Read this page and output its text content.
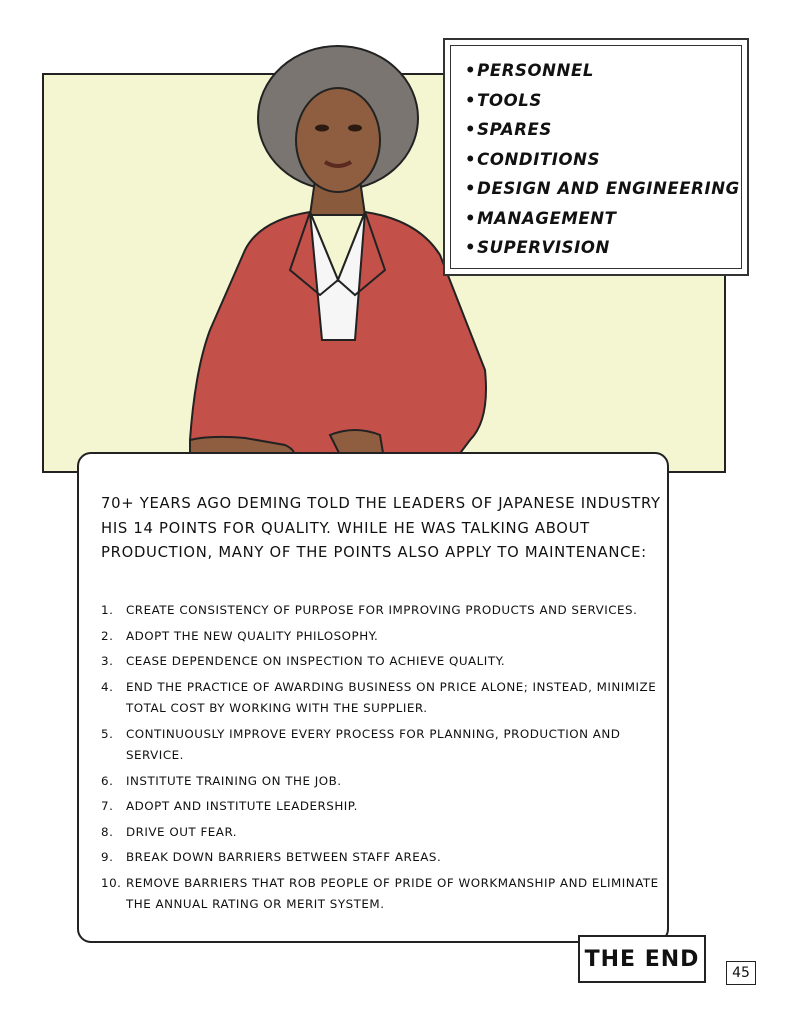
• PERSONNEL
• TOOLS
• SPARES
• CONDITIONS
• DESIGN AND ENGINEERING
• MANAGEMENT
• SUPERVISION

70+ YEARS AGO DEMING TOLD THE LEADERS OF JAPANESE INDUSTRY HIS 14 POINTS FOR QUALITY. WHILE HE WAS TALKING ABOUT PRODUCTION, MANY OF THE POINTS ALSO APPLY TO MAINTENANCE:

1. CREATE CONSISTENCY OF PURPOSE FOR IMPROVING PRODUCTS AND SERVICES.
2. ADOPT THE NEW QUALITY PHILOSOPHY.
3. CEASE DEPENDENCE ON INSPECTION TO ACHIEVE QUALITY.
4. END THE PRACTICE OF AWARDING BUSINESS ON PRICE ALONE; INSTEAD, MINIMIZE TOTAL COST BY WORKING WITH THE SUPPLIER.
5. CONTINUOUSLY IMPROVE EVERY PROCESS FOR PLANNING, PRODUCTION AND SERVICE.
6. INSTITUTE TRAINING ON THE JOB.
7. ADOPT AND INSTITUTE LEADERSHIP.
8. DRIVE OUT FEAR.
9. BREAK DOWN BARRIERS BETWEEN STAFF AREAS.
10. REMOVE BARRIERS THAT ROB PEOPLE OF PRIDE OF WORKMANSHIP AND ELIMINATE THE ANNUAL RATING OR MERIT SYSTEM.
THE END
45
